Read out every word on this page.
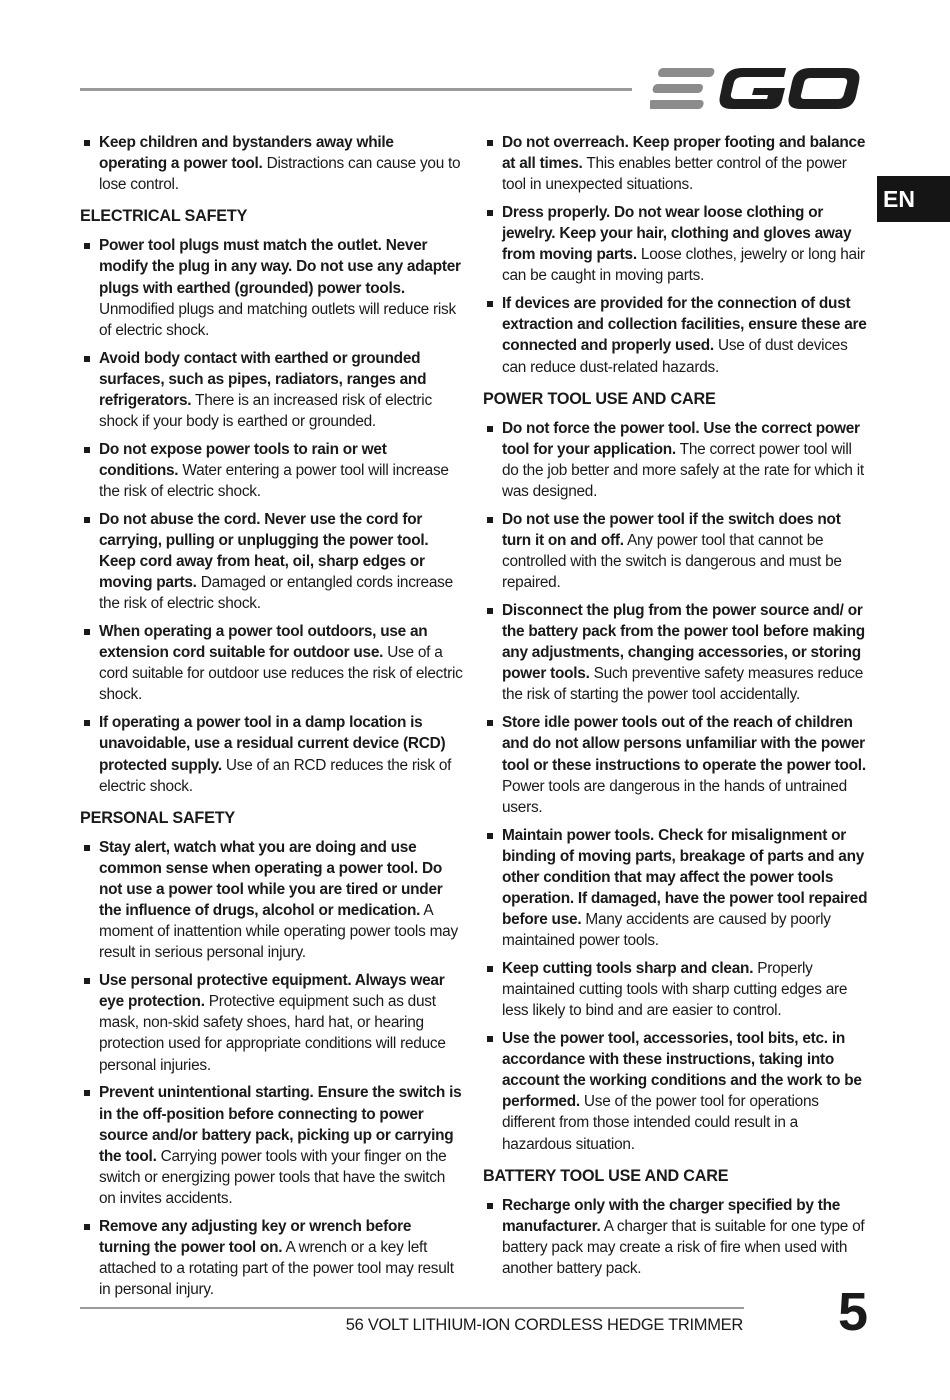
EN
Keep children and bystanders away while operating a power tool. Distractions can cause you to lose control.
ELECTRICAL SAFETY
Power tool plugs must match the outlet. Never modify the plug in any way. Do not use any adapter plugs with earthed (grounded) power tools. Unmodified plugs and matching outlets will reduce risk of electric shock.
Avoid body contact with earthed or grounded surfaces, such as pipes, radiators, ranges and refrigerators. There is an increased risk of electric shock if your body is earthed or grounded.
Do not expose power tools to rain or wet conditions. Water entering a power tool will increase the risk of electric shock.
Do not abuse the cord. Never use the cord for carrying, pulling or unplugging the power tool. Keep cord away from heat, oil, sharp edges or moving parts. Damaged or entangled cords increase the risk of electric shock.
When operating a power tool outdoors, use an extension cord suitable for outdoor use. Use of a cord suitable for outdoor use reduces the risk of electric shock.
If operating a power tool in a damp location is unavoidable, use a residual current device (RCD) protected supply. Use of an RCD reduces the risk of electric shock.
PERSONAL SAFETY
Stay alert, watch what you are doing and use common sense when operating a power tool. Do not use a power tool while you are tired or under the influence of drugs, alcohol or medication. A moment of inattention while operating power tools may result in serious personal injury.
Use personal protective equipment. Always wear eye protection. Protective equipment such as dust mask, non-skid safety shoes, hard hat, or hearing protection used for appropriate conditions will reduce personal injuries.
Prevent unintentional starting. Ensure the switch is in the off-position before connecting to power source and/or battery pack, picking up or carrying the tool. Carrying power tools with your finger on the switch or energizing power tools that have the switch on invites accidents.
Remove any adjusting key or wrench before turning the power tool on. A wrench or a key left attached to a rotating part of the power tool may result in personal injury.
Do not overreach. Keep proper footing and balance at all times. This enables better control of the power tool in unexpected situations.
Dress properly. Do not wear loose clothing or jewelry. Keep your hair, clothing and gloves away from moving parts. Loose clothes, jewelry or long hair can be caught in moving parts.
If devices are provided for the connection of dust extraction and collection facilities, ensure these are connected and properly used. Use of dust devices can reduce dust-related hazards.
POWER TOOL USE AND CARE
Do not force the power tool. Use the correct power tool for your application. The correct power tool will do the job better and more safely at the rate for which it was designed.
Do not use the power tool if the switch does not turn it on and off. Any power tool that cannot be controlled with the switch is dangerous and must be repaired.
Disconnect the plug from the power source and/ or the battery pack from the power tool before making any adjustments, changing accessories, or storing power tools. Such preventive safety measures reduce the risk of starting the power tool accidentally.
Store idle power tools out of the reach of children and do not allow persons unfamiliar with the power tool or these instructions to operate the power tool. Power tools are dangerous in the hands of untrained users.
Maintain power tools. Check for misalignment or binding of moving parts, breakage of parts and any other condition that may affect the power tools operation. If damaged, have the power tool repaired before use. Many accidents are caused by poorly maintained power tools.
Keep cutting tools sharp and clean. Properly maintained cutting tools with sharp cutting edges are less likely to bind and are easier to control.
Use the power tool, accessories, tool bits, etc. in accordance with these instructions, taking into account the working conditions and the work to be performed. Use of the power tool for operations different from those intended could result in a hazardous situation.
BATTERY TOOL USE AND CARE
Recharge only with the charger specified by the manufacturer. A charger that is suitable for one type of battery pack may create a risk of fire when used with another battery pack.
56 VOLT LITHIUM-ION CORDLESS HEDGE TRIMMER 5
